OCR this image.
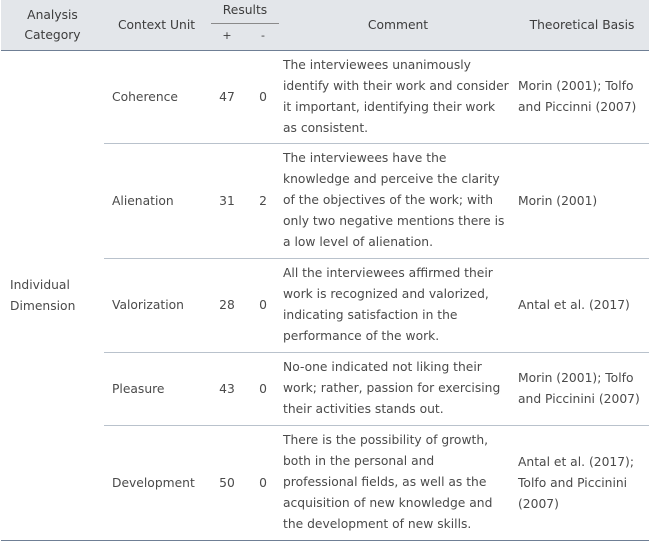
Analysis Category	Context Unit	Results		Comment	Theoretical Basis
		+	-		
Individual Dimension	Coherence	47	0	The interviewees unanimously identify with their work and consider it important, identifying their work as consistent.	Morin (2001); Tolfo and Piccinni (2007)
	Alienation	31	2	The interviewees have the knowledge and perceive the clarity of the objectives of the work; with only two negative mentions there is a low level of alienation.	Morin (2001)
	Valorization	28	0	All the interviewees affirmed their work is recognized and valorized, indicating satisfaction in the performance of the work.	Antal et al. (2017)
	Pleasure	43	0	No-one indicated not liking their work; rather, passion for exercising their activities stands out.	Morin (2001); Tolfo and Piccinini (2007)
	Development	50	0	There is the possibility of growth, both in the personal and professional fields, as well as the acquisition of new knowledge and the development of new skills.	Antal et al. (2017); Tolfo and Piccinini (2007)
